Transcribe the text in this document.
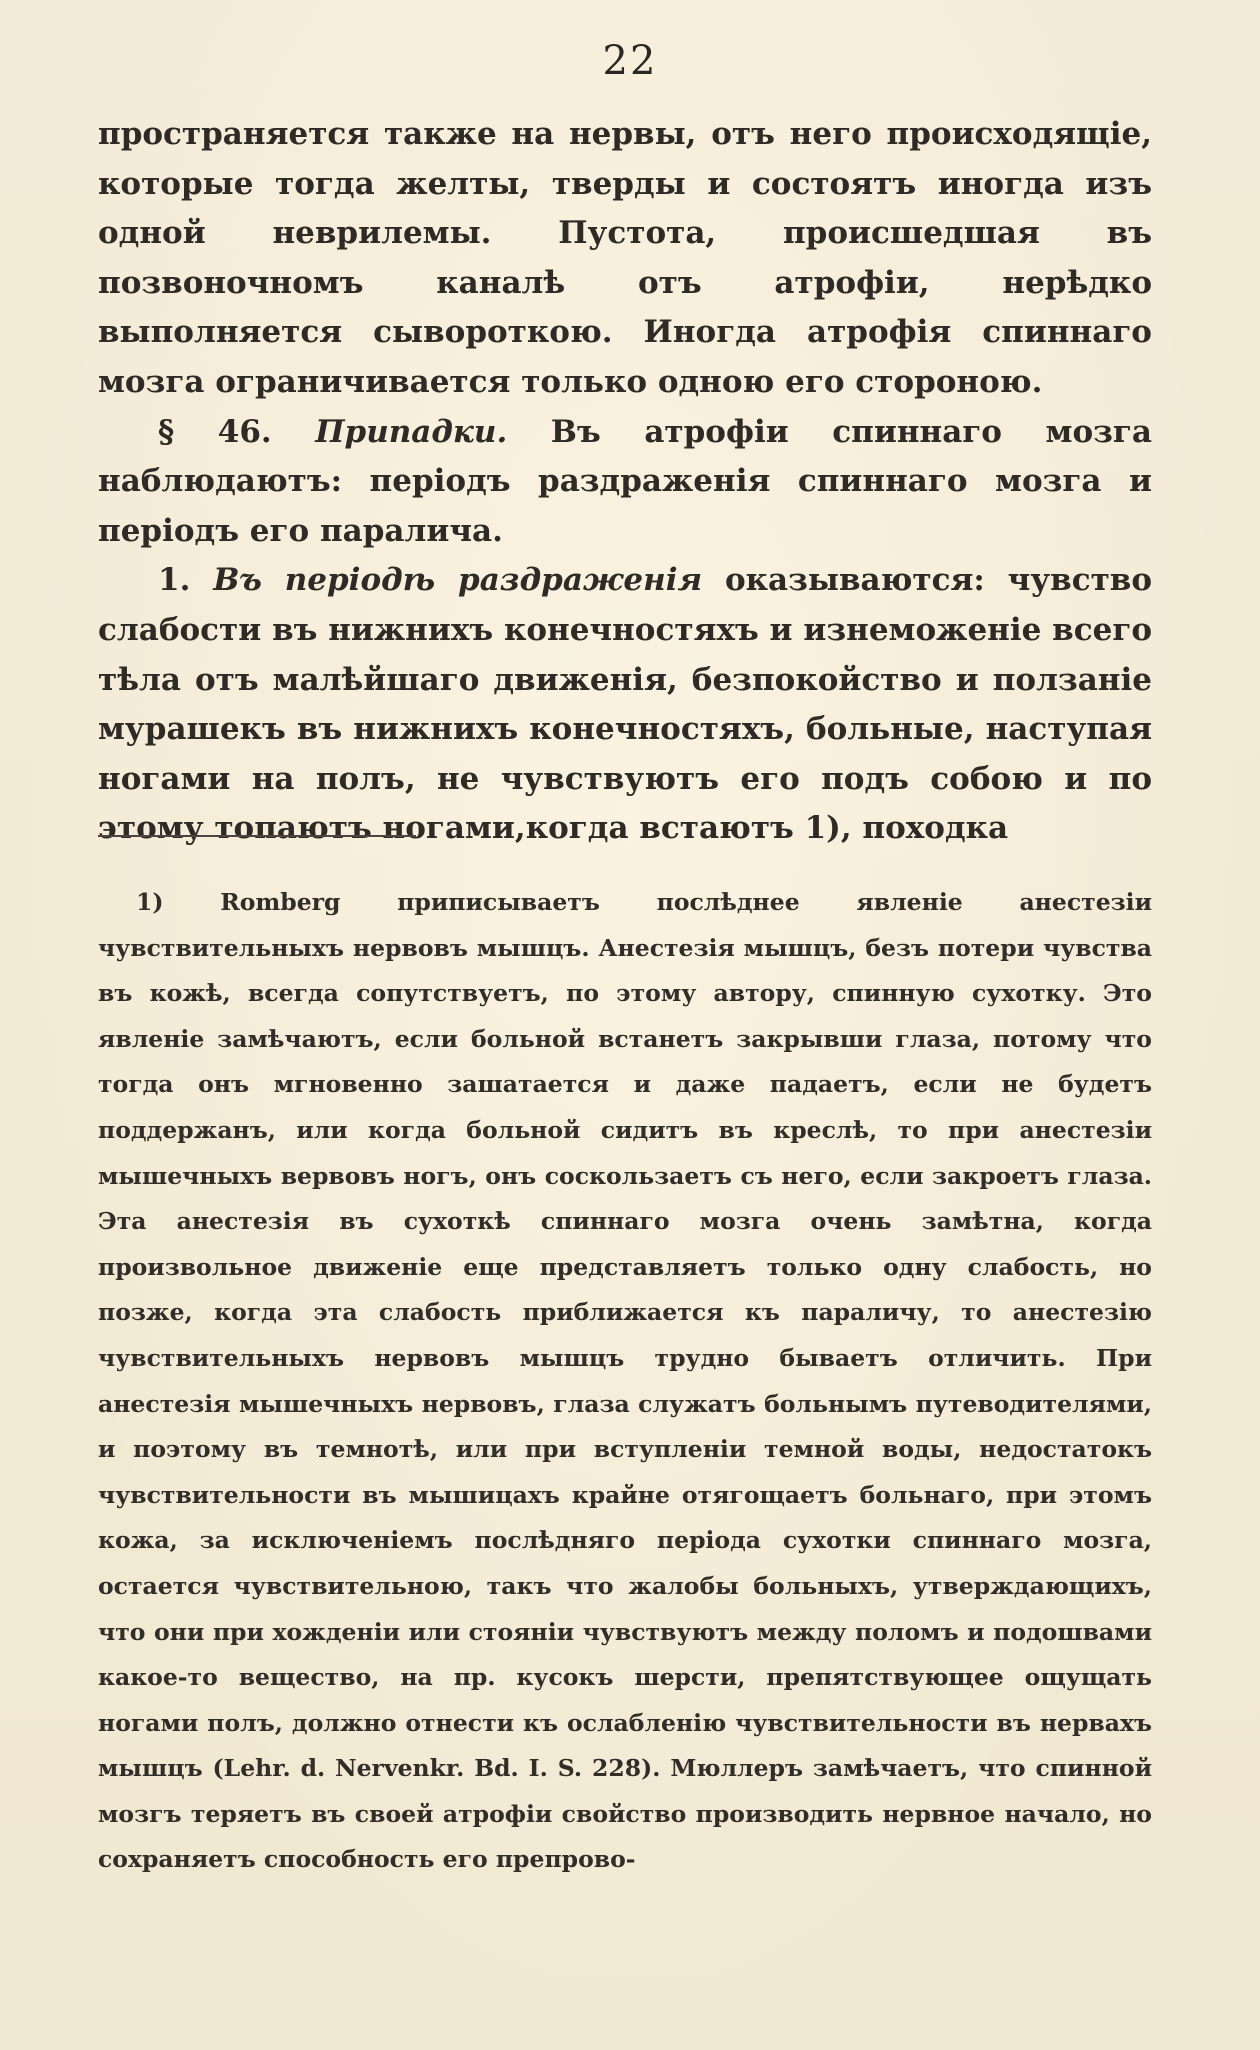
22

пространяется также на нервы, отъ него происходящіе, которые тогда желты, тверды и состоятъ иногда изъ одной неврилемы. Пустота, происшедшая въ позвоночномъ каналѣ отъ атрофіи, нерѣдко выполняется сывороткою. Иногда атрофія спиннаго мозга ограничивается только одною его стороною.

§ 46. Припадки. Въ атрофіи спиннаго мозга наблюдаютъ: періодъ раздраженія спиннаго мозга и періодъ его паралича.

1. Въ періодѣ раздраженія оказываются: чувство слабости въ нижнихъ конечностяхъ и изнеможеніе всего тѣла отъ малѣйшаго движенія, безпокойство и ползаніе мурашекъ въ нижнихъ конечностяхъ, больные, наступая ногами на полъ, не чувствуютъ его подъ собою и по этому топаютъ ногами,когда встаютъ 1), походка

1) Romberg приписываетъ послѣднее явленіе анестезіи чувствительныхъ нервовъ мышцъ. Анестезія мышцъ, безъ потери чувства въ кожѣ, всегда сопутствуетъ, по этому автору, спинную сухотку. Это явленіе замѣчаютъ, если больной встанетъ закрывши глаза, потому что тогда онъ мгновенно зашатается и даже падаетъ, если не будетъ поддержанъ, или когда больной сидитъ въ креслѣ, то при анестезіи мышечныхъ вервовъ ногъ, онъ соскользаетъ съ него, если закроетъ глаза. Эта анестезія въ сухоткѣ спиннаго мозга очень замѣтна, когда произвольное движеніе еще представляетъ только одну слабость, но позже, когда эта слабость приближается къ параличу, то анестезію чувствительныхъ нервовъ мышцъ трудно бываетъ отличить. При анестезія мышечныхъ нервовъ, глаза служатъ больнымъ путеводителями, и поэтому въ темнотѣ, или при вступленіи темной воды, недостатокъ чувствительности въ мышицахъ крайне отягощаетъ больнаго, при этомъ кожа, за исключеніемъ послѣдняго періода сухотки спиннаго мозга, остается чувствительною, такъ что жалобы больныхъ, утверждающихъ, что они при хожденіи или стояніи чувствуютъ между поломъ и подошвами какое-то вещество, на пр. кусокъ шерсти, препятствующее ощущать ногами полъ, должно отнести къ ослабленію чувствительности въ нервахъ мышцъ (Lehr. d. Nervenkr. Bd. I. S. 228). Мюллеръ замѣчаетъ, что спинной мозгъ теряетъ въ своей атрофіи свойство производить нервное начало, но сохраняетъ способность его препрово-
